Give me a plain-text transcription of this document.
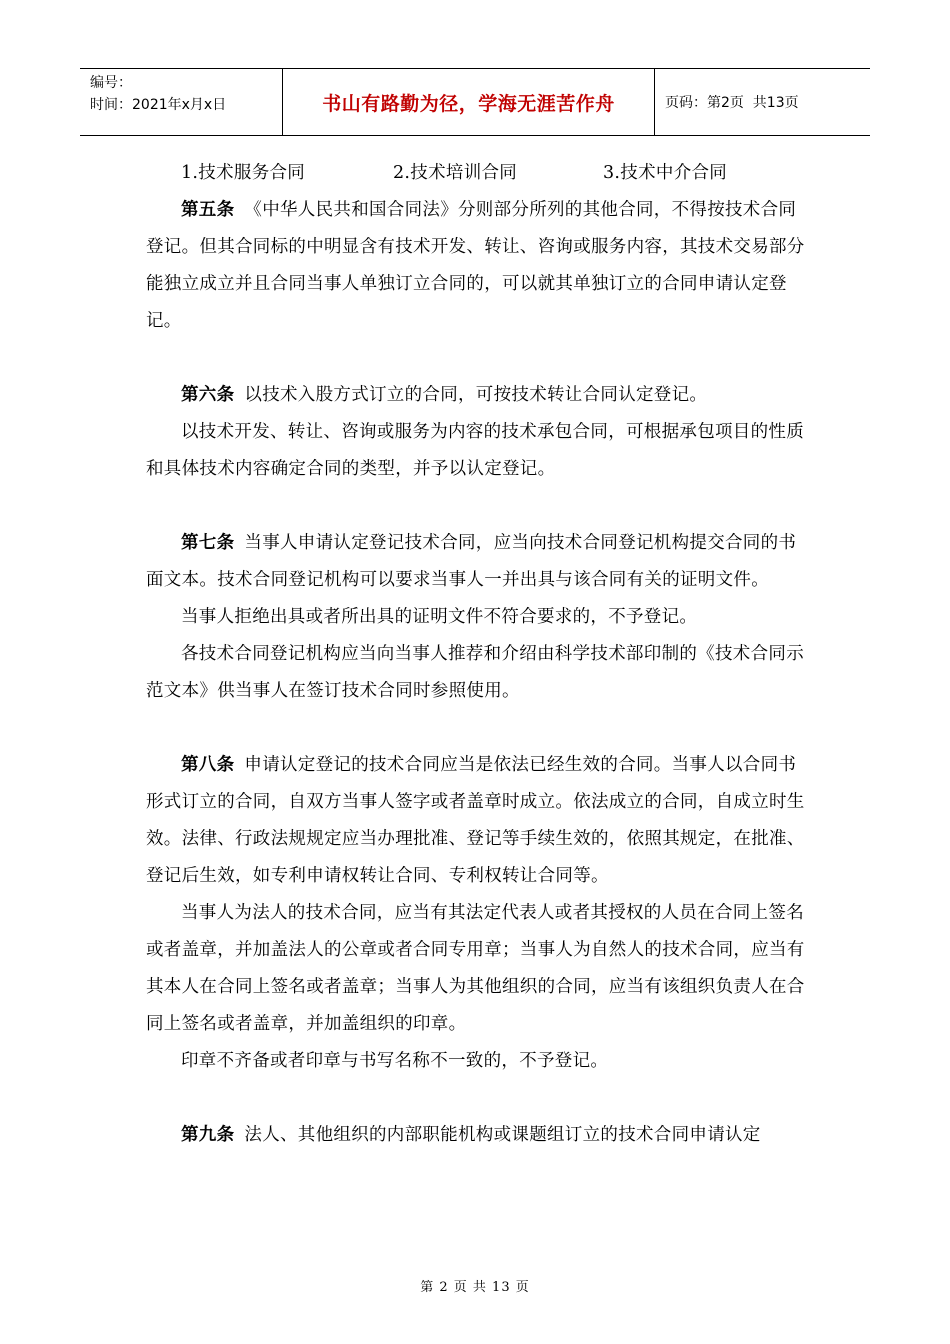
编号：
时间：2021年x月x日	书山有路勤为径，学海无涯苦作舟	页码：第2页  共13页

1.技术服务合同	2.技术培训合同	3.技术中介合同

第五条 《中华人民共和国合同法》分则部分所列的其他合同，不得按技术合同登记。但其合同标的中明显含有技术开发、转让、咨询或服务内容，其技术交易部分能独立成立并且合同当事人单独订立合同的，可以就其单独订立的合同申请认定登记。

第六条 以技术入股方式订立的合同，可按技术转让合同认定登记。

以技术开发、转让、咨询或服务为内容的技术承包合同，可根据承包项目的性质和具体技术内容确定合同的类型，并予以认定登记。

第七条 当事人申请认定登记技术合同，应当向技术合同登记机构提交合同的书面文本。技术合同登记机构可以要求当事人一并出具与该合同有关的证明文件。

当事人拒绝出具或者所出具的证明文件不符合要求的，不予登记。

各技术合同登记机构应当向当事人推荐和介绍由科学技术部印制的《技术合同示范文本》供当事人在签订技术合同时参照使用。

第八条 申请认定登记的技术合同应当是依法已经生效的合同。当事人以合同书形式订立的合同，自双方当事人签字或者盖章时成立。依法成立的合同，自成立时生效。法律、行政法规规定应当办理批准、登记等手续生效的，依照其规定，在批准、登记后生效，如专利申请权转让合同、专利权转让合同等。

当事人为法人的技术合同，应当有其法定代表人或者其授权的人员在合同上签名或者盖章，并加盖法人的公章或者合同专用章；当事人为自然人的技术合同，应当有其本人在合同上签名或者盖章；当事人为其他组织的合同，应当有该组织负责人在合同上签名或者盖章，并加盖组织的印章。

印章不齐备或者印章与书写名称不一致的，不予登记。

第九条 法人、其他组织的内部职能机构或课题组订立的技术合同申请认定

第 2 页 共 13 页
